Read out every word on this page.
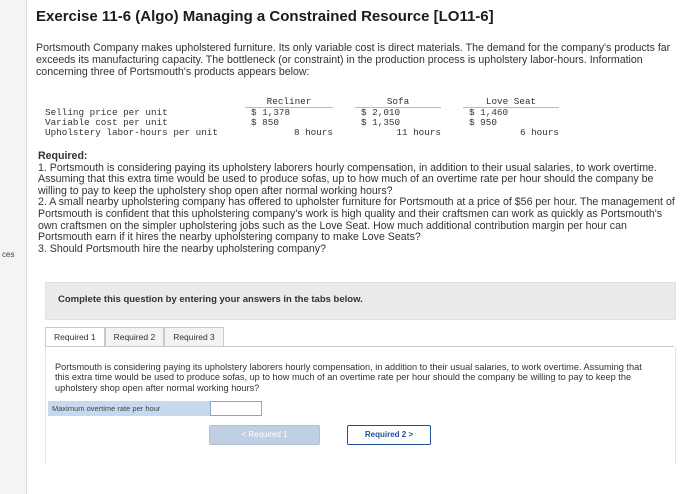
ces
Exercise 11-6 (Algo) Managing a Constrained Resource [LO11-6]
Portsmouth Company makes upholstered furniture. Its only variable cost is direct materials. The demand for the company's products far exceeds its manufacturing capacity. The bottleneck (or constraint) in the production process is upholstery labor-hours. Information concerning three of Portsmouth's products appears below:
	Recliner		Sofa		Love Seat
Selling price per unit	$ 1,378		$ 2,010		$ 1,460
Variable cost per unit	$ 850		$ 1,350		$ 950
Upholstery labor-hours per unit	8 hours		11 hours		6 hours
Required:
1. Portsmouth is considering paying its upholstery laborers hourly compensation, in addition to their usual salaries, to work overtime. Assuming that this extra time would be used to produce sofas, up to how much of an overtime rate per hour should the company be willing to pay to keep the upholstery shop open after normal working hours?
2. A small nearby upholstering company has offered to upholster furniture for Portsmouth at a price of $56 per hour. The management of Portsmouth is confident that this upholstering company's work is high quality and their craftsmen can work as quickly as Portsmouth's own craftsmen on the simpler upholstering jobs such as the Love Seat. How much additional contribution margin per hour can Portsmouth earn if it hires the nearby upholstering company to make Love Seats?
3. Should Portsmouth hire the nearby upholstering company?
Complete this question by entering your answers in the tabs below.
Required 1	Required 2	Required 3
Portsmouth is considering paying its upholstery laborers hourly compensation, in addition to their usual salaries, to work overtime. Assuming that this extra time would be used to produce sofas, up to how much of an overtime rate per hour should the company be willing to pay to keep the upholstery shop open after normal working hours?
Maximum overtime rate per hour
< Required 1	Required 2 >
